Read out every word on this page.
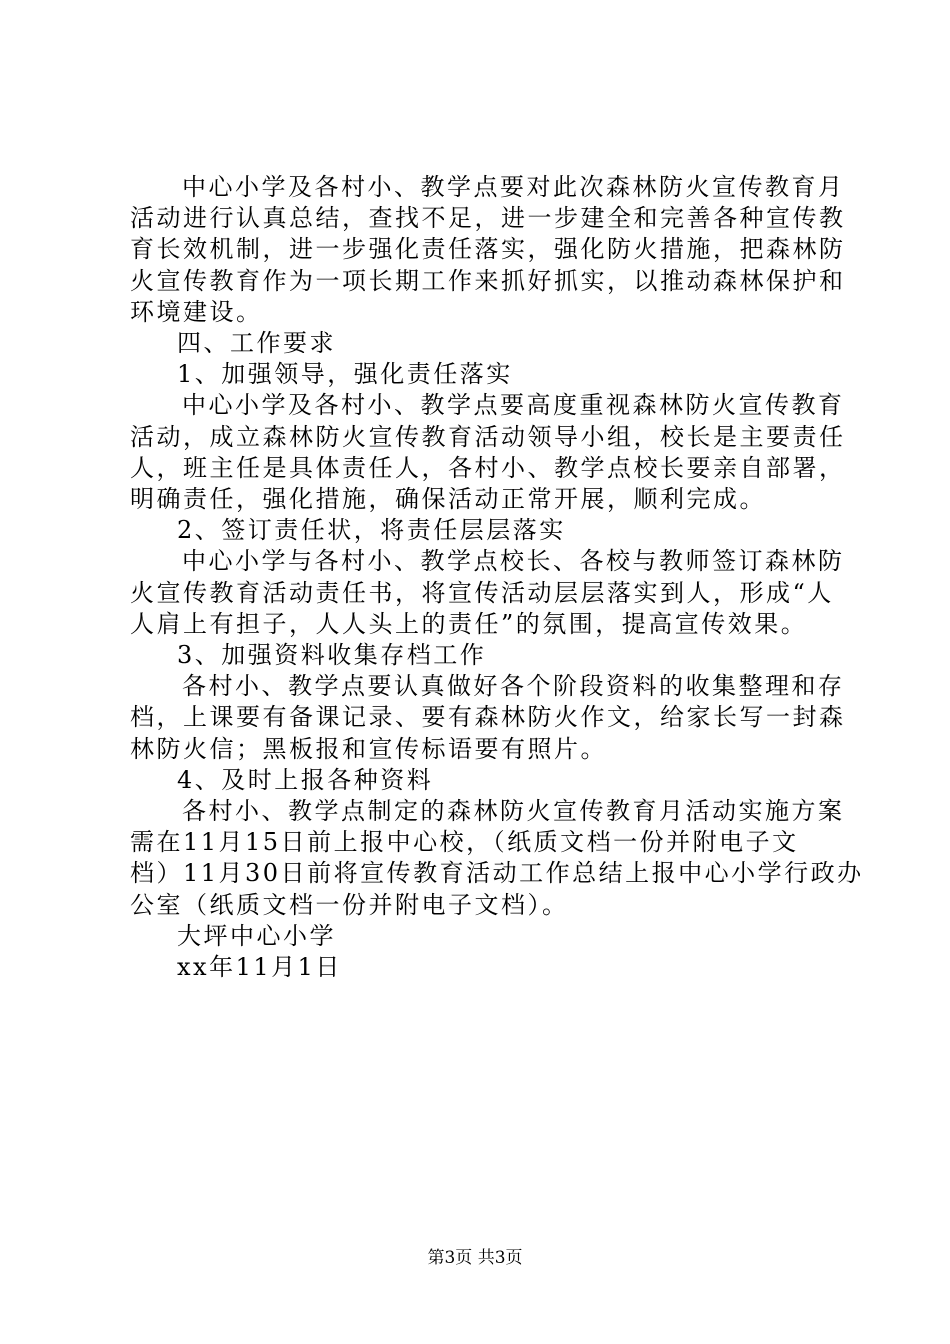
中心小学及各村小、教学点要对此次森林防火宣传教育月

活动进行认真总结，查找不足，进一步建全和完善各种宣传教

育长效机制，进一步强化责任落实，强化防火措施，把森林防

火宣传教育作为一项长期工作来抓好抓实，以推动森林保护和

环境建设。

四、工作要求

1、加强领导，强化责任落实

中心小学及各村小、教学点要高度重视森林防火宣传教育

活动，成立森林防火宣传教育活动领导小组，校长是主要责任

人，班主任是具体责任人，各村小、教学点校长要亲自部署，

明确责任，强化措施，确保活动正常开展，顺利完成。

2、签订责任状，将责任层层落实

中心小学与各村小、教学点校长、各校与教师签订森林防

火宣传教育活动责任书，将宣传活动层层落实到人，形成“人

人肩上有担子，人人头上的责任”的氛围，提高宣传效果。

3、加强资料收集存档工作

各村小、教学点要认真做好各个阶段资料的收集整理和存

档，上课要有备课记录、要有森林防火作文，给家长写一封森

林防火信；黑板报和宣传标语要有照片。

4、及时上报各种资料

各村小、教学点制定的森林防火宣传教育月活动实施方案

需在11月15日前上报中心校，（纸质文档一份并附电子文

档）11月30日前将宣传教育活动工作总结上报中心小学行政办

公室（纸质文档一份并附电子文档）。

大坪中心小学

xx年11月1日

第3页 共3页
